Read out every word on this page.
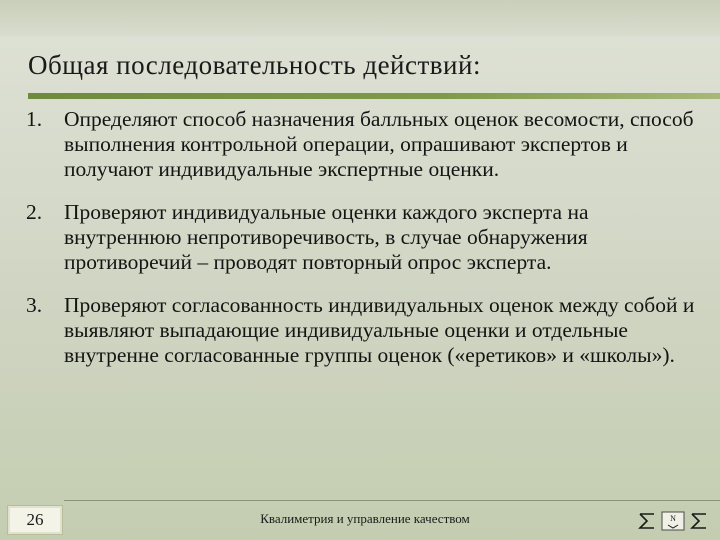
Общая последовательность действий:
1.	Определяют способ назначения балльных оценок весомости, способ выполнения контрольной операции, опрашивают экспертов и получают индивидуальные экспертные оценки.
2.	Проверяют индивидуальные оценки каждого эксперта на внутреннюю непротиворечивость, в случае обнаружения противоречий – проводят повторный опрос эксперта.
3.	Проверяют согласованность индивидуальных оценок между собой и выявляют выпадающие индивидуальные оценки и отдельные внутренне согласованные группы оценок («еретиков» и «школы»).
26	Квалиметрия и управление качеством	N
